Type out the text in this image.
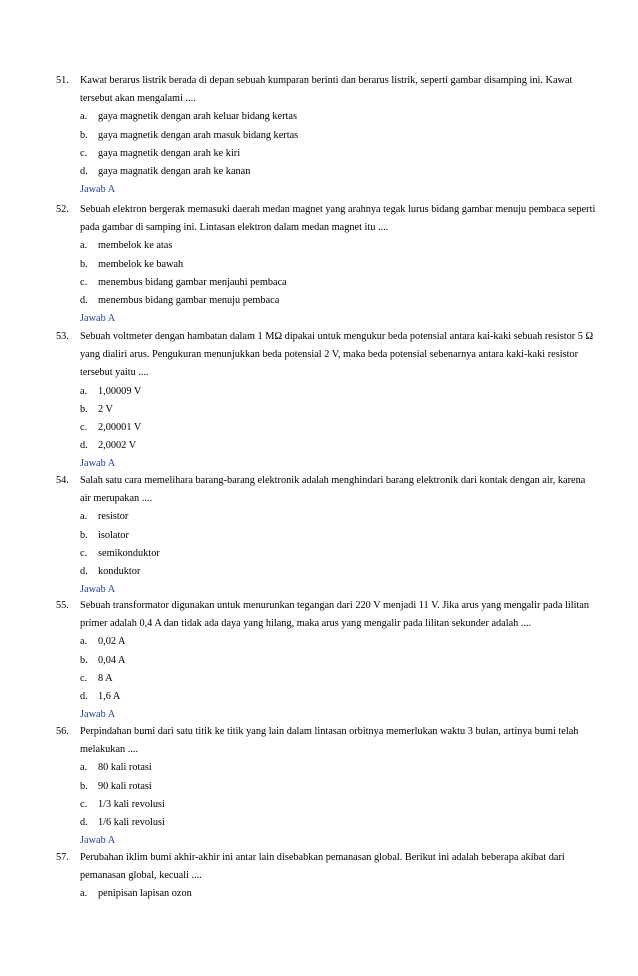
51.	Kawat berarus listrik berada di depan sebuah kumparan berinti dan berarus listrik, seperti gambar disamping ini. Kawat tersebut akan mengalami ....
a.	gaya magnetik dengan arah keluar bidang kertas
b. gaya magnetik dengan arah masuk bidang kertas
c.	gaya magnetik dengan arah ke kiri
d. gaya magnatik dengan arah ke kanan
Jawab A
52.	Sebuah elektron bergerak memasuki daerah medan magnet yang arahnya tegak lurus bidang gambar menuju pembaca seperti pada gambar di samping ini. Lintasan elektron dalam medan magnet itu ....
a.	membelok ke atas
b. membelok ke bawah
c.	menembus bidang gambar menjauhi pembaca
d. menembus bidang gambar menuju pembaca
Jawab A
53.	Sebuah voltmeter dengan hambatan dalam 1 MΩ dipakai untuk mengukur beda potensial antara kai-kaki sebuah resistor 5 Ω yang dialiri arus. Pengukuran menunjukkan beda potensial 2 V, maka beda potensial sebenarnya antara kaki-kaki resistor tersebut yaitu ....
a.	1,00009 V
b. 2 V
c.	2,00001 V
d. 2,0002 V
Jawab A
54.	Salah satu cara memelihara barang-barang elektronik adalah menghindari barang elektronik dari kontak dengan air, karena air merupakan ....
a.	resistor
b. isolator
c.	semikonduktor
d. konduktor
Jawab A
55.	Sebuah transformator digunakan untuk menurunkan tegangan dari 220 V menjadi 11 V. Jika arus yang mengalir pada lilitan primer adalah 0,4 A dan tidak ada daya yang hilang, maka arus yang mengalir pada lilitan sekunder adalah ....
a.	0,02 A
b. 0,04 A
c.	8 A
d. 1,6 A
Jawab A
56.	Perpindahan bumi dari satu titik ke titik yang lain dalam lintasan orbitnya memerlukan waktu 3 bulan, artinya bumi telah melakukan ....
a.	80 kali rotasi
b. 90 kali rotasi
c.	1/3 kali revolusi
d. 1/6 kali revolusi
Jawab A
57.	Perubahan iklim bumi akhir-akhir ini antar lain disebabkan pemanasan global. Berikut ini adalah beberapa akibat dari pemanasan global, kecuali ....
a.	penipisan lapisan ozon
